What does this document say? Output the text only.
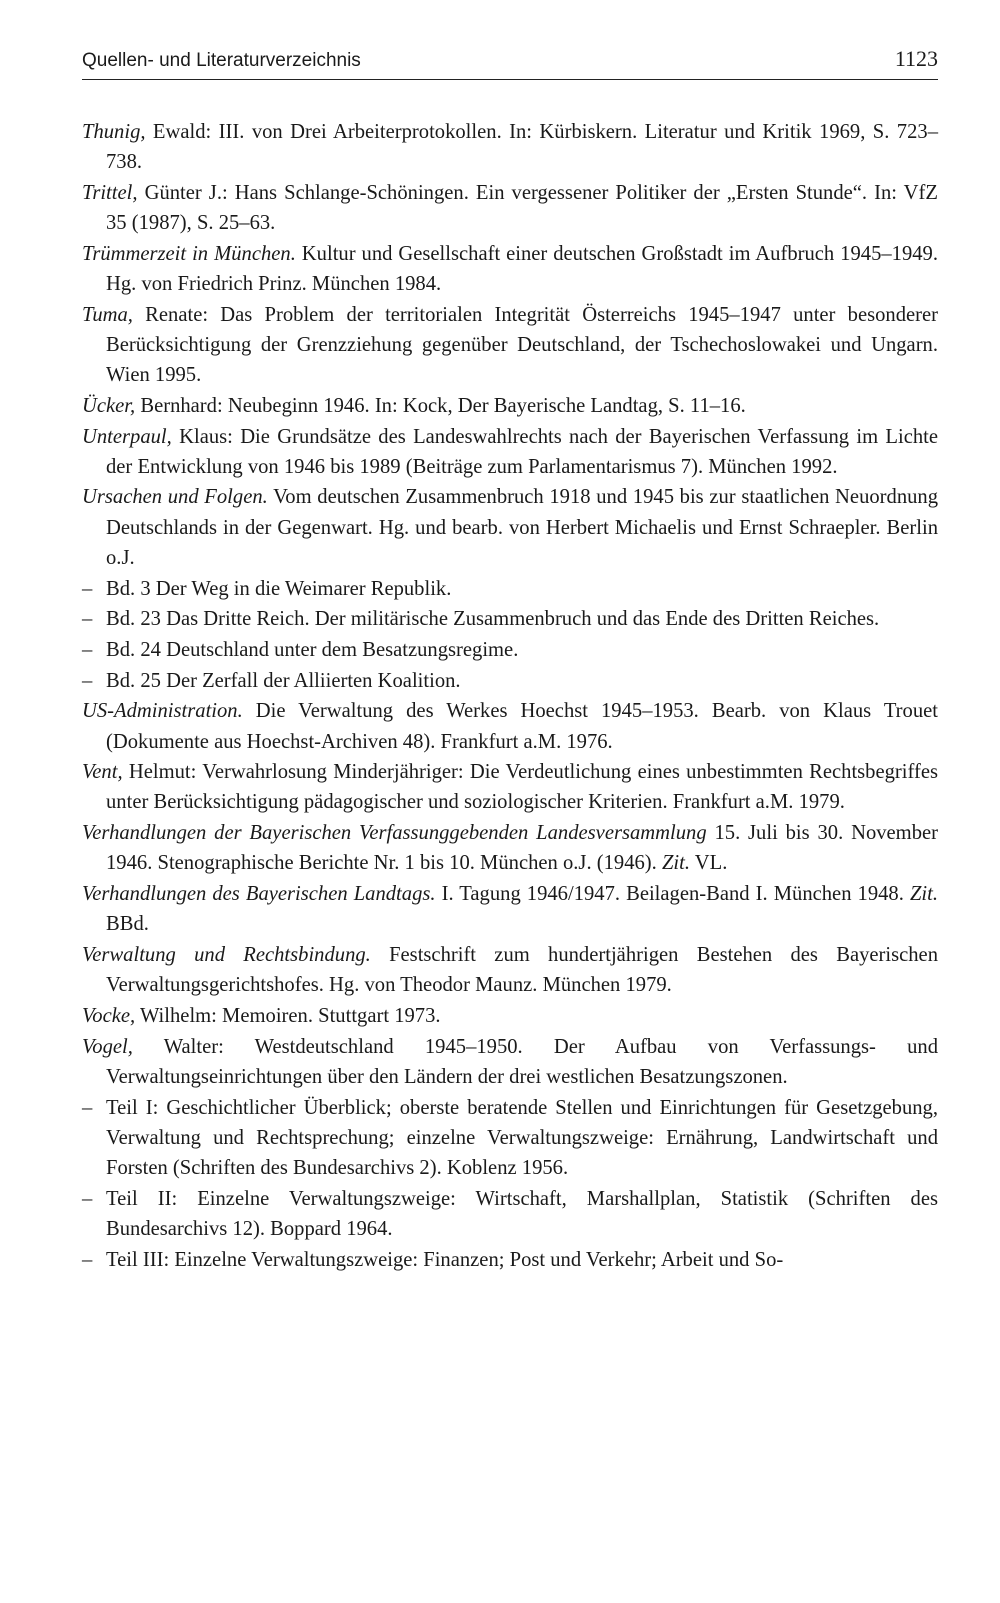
Quellen- und Literaturverzeichnis	1123

Thunig, Ewald: III. von Drei Arbeiterprotokollen. In: Kürbiskern. Literatur und Kritik 1969, S. 723–738.

Trittel, Günter J.: Hans Schlange-Schöningen. Ein vergessener Politiker der „Ersten Stunde“. In: VfZ 35 (1987), S. 25–63.

Trümmerzeit in München. Kultur und Gesellschaft einer deutschen Großstadt im Aufbruch 1945–1949. Hg. von Friedrich Prinz. München 1984.

Tuma, Renate: Das Problem der territorialen Integrität Österreichs 1945–1947 unter besonderer Berücksichtigung der Grenzziehung gegenüber Deutschland, der Tschechoslowakei und Ungarn. Wien 1995.

Ücker, Bernhard: Neubeginn 1946. In: Kock, Der Bayerische Landtag, S. 11–16.

Unterpaul, Klaus: Die Grundsätze des Landeswahlrechts nach der Bayerischen Verfassung im Lichte der Entwicklung von 1946 bis 1989 (Beiträge zum Parlamentarismus 7). München 1992.

Ursachen und Folgen. Vom deutschen Zusammenbruch 1918 und 1945 bis zur staatlichen Neuordnung Deutschlands in der Gegenwart. Hg. und bearb. von Herbert Michaelis und Ernst Schraepler. Berlin o.J.

– Bd. 3 Der Weg in die Weimarer Republik.

– Bd. 23 Das Dritte Reich. Der militärische Zusammenbruch und das Ende des Dritten Reiches.

– Bd. 24 Deutschland unter dem Besatzungsregime.

– Bd. 25 Der Zerfall der Alliierten Koalition.

US-Administration. Die Verwaltung des Werkes Hoechst 1945–1953. Bearb. von Klaus Trouet (Dokumente aus Hoechst-Archiven 48). Frankfurt a.M. 1976.

Vent, Helmut: Verwahrlosung Minderjähriger: Die Verdeutlichung eines unbestimmten Rechtsbegriffes unter Berücksichtigung pädagogischer und soziologischer Kriterien. Frankfurt a.M. 1979.

Verhandlungen der Bayerischen Verfassunggebenden Landesversammlung 15. Juli bis 30. November 1946. Stenographische Berichte Nr. 1 bis 10. München o.J. (1946). Zit. VL.

Verhandlungen des Bayerischen Landtags. I. Tagung 1946/1947. Beilagen-Band I. München 1948. Zit. BBd.

Verwaltung und Rechtsbindung. Festschrift zum hundertjährigen Bestehen des Bayerischen Verwaltungsgerichtshofes. Hg. von Theodor Maunz. München 1979.

Vocke, Wilhelm: Memoiren. Stuttgart 1973.

Vogel, Walter: Westdeutschland 1945–1950. Der Aufbau von Verfassungs- und Verwaltungseinrichtungen über den Ländern der drei westlichen Besatzungszonen.

– Teil I: Geschichtlicher Überblick; oberste beratende Stellen und Einrichtungen für Gesetzgebung, Verwaltung und Rechtsprechung; einzelne Verwaltungszweige: Ernährung, Landwirtschaft und Forsten (Schriften des Bundesarchivs 2). Koblenz 1956.

– Teil II: Einzelne Verwaltungszweige: Wirtschaft, Marshallplan, Statistik (Schriften des Bundesarchivs 12). Boppard 1964.

– Teil III: Einzelne Verwaltungszweige: Finanzen; Post und Verkehr; Arbeit und So-
